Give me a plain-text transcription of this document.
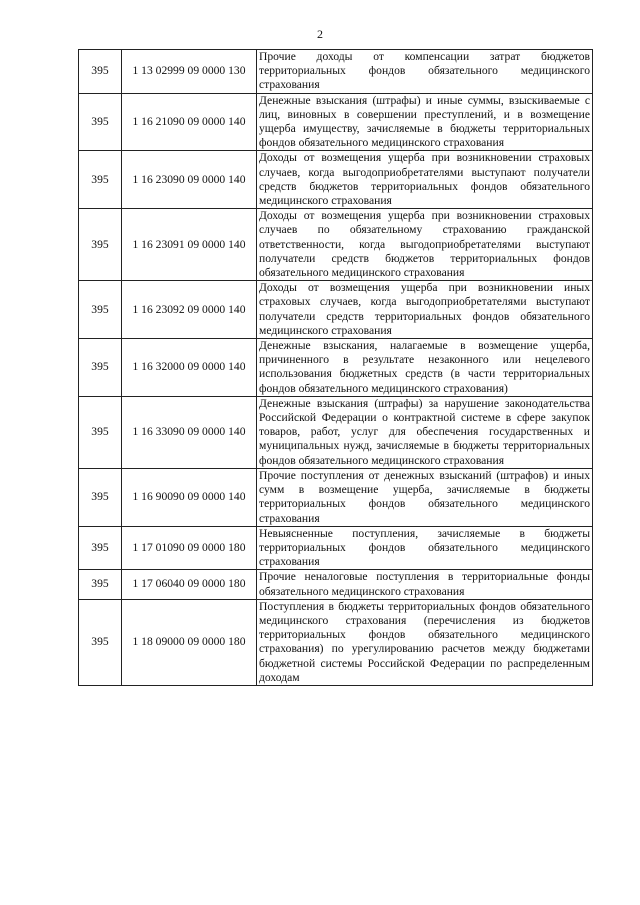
2
395	1 13 02999 09 0000 130	Прочие доходы от компенсации затрат бюджетов территориальных фондов обязательного медицинского страхования
395	1 16 21090 09 0000 140	Денежные взыскания (штрафы) и иные суммы, взыскиваемые с лиц, виновных в совершении преступлений, и в возмещение ущерба имуществу, зачисляемые в бюджеты территориальных фондов обязательного медицинского страхования
395	1 16 23090 09 0000 140	Доходы от возмещения ущерба при возникновении страховых случаев, когда выгодоприобретателями выступают получатели средств бюджетов территориальных фондов обязательного медицинского страхования
395	1 16 23091 09 0000 140	Доходы от возмещения ущерба при возникновении страховых случаев по обязательному страхованию гражданской ответственности, когда выгодоприобретателями выступают получатели средств бюджетов территориальных фондов обязательного медицинского страхования
395	1 16 23092 09 0000 140	Доходы от возмещения ущерба при возникновении иных страховых случаев, когда выгодоприобретателями выступают получатели средств территориальных фондов обязательного медицинского страхования
395	1 16 32000 09 0000 140	Денежные взыскания, налагаемые в возмещение ущерба, причиненного в результате незаконного или нецелевого использования бюджетных средств (в части территориальных фондов обязательного медицинского страхования)
395	1 16 33090 09 0000 140	Денежные взыскания (штрафы) за нарушение законодательства Российской Федерации о контрактной системе в сфере закупок товаров, работ, услуг для обеспечения государственных и муниципальных нужд, зачисляемые в бюджеты территориальных фондов обязательного медицинского страхования
395	1 16 90090 09 0000 140	Прочие поступления от денежных взысканий (штрафов) и иных сумм в возмещение ущерба, зачисляемые в бюджеты территориальных фондов обязательного медицинского страхования
395	1 17 01090 09 0000 180	Невыясненные поступления, зачисляемые в бюджеты территориальных фондов обязательного медицинского страхования
395	1 17 06040 09 0000 180	Прочие неналоговые поступления в территориальные фонды обязательного медицинского страхования
395	1 18 09000 09 0000 180	Поступления в бюджеты территориальных фондов обязательного медицинского страхования (перечисления из бюджетов территориальных фондов обязательного медицинского страхования) по урегулированию расчетов между бюджетами бюджетной системы Российской Федерации по распределенным доходам
